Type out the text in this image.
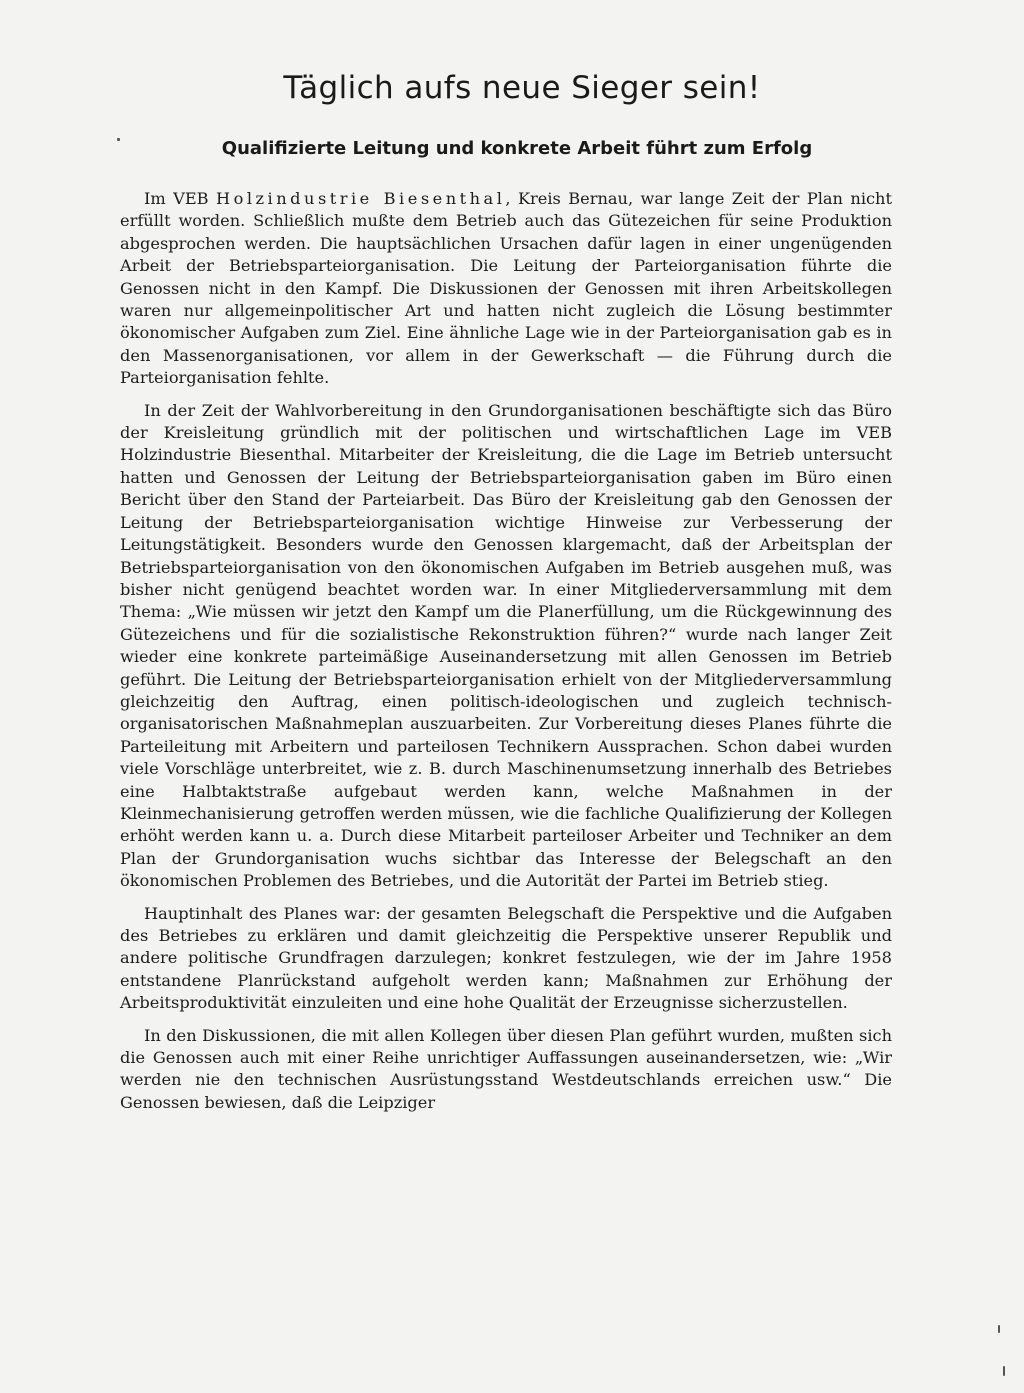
Täglich aufs neue Sieger sein!
Qualifizierte Leitung und konkrete Arbeit führt zum Erfolg

Im VEB Holzindustrie Biesenthal, Kreis Bernau, war lange Zeit der Plan nicht erfüllt worden. Schließlich mußte dem Betrieb auch das Gütezeichen für seine Produktion abgesprochen werden. Die hauptsächlichen Ursachen dafür lagen in einer ungenügenden Arbeit der Betriebsparteiorganisation. Die Leitung der Parteiorganisation führte die Genossen nicht in den Kampf. Die Diskussionen der Genossen mit ihren Arbeitskollegen waren nur allgemeinpolitischer Art und hatten nicht zugleich die Lösung bestimmter ökonomischer Aufgaben zum Ziel. Eine ähnliche Lage wie in der Parteiorganisation gab es in den Massenorganisationen, vor allem in der Gewerkschaft — die Führung durch die Parteiorganisation fehlte.

In der Zeit der Wahlvorbereitung in den Grundorganisationen beschäftigte sich das Büro der Kreisleitung gründlich mit der politischen und wirtschaftlichen Lage im VEB Holzindustrie Biesenthal. Mitarbeiter der Kreisleitung, die die Lage im Betrieb untersucht hatten und Genossen der Leitung der Betriebsparteiorganisation gaben im Büro einen Bericht über den Stand der Parteiarbeit. Das Büro der Kreisleitung gab den Genossen der Leitung der Betriebsparteiorganisation wichtige Hinweise zur Verbesserung der Leitungstätigkeit. Besonders wurde den Genossen klargemacht, daß der Arbeitsplan der Betriebsparteiorganisation von den ökonomischen Aufgaben im Betrieb ausgehen muß, was bisher nicht genügend beachtet worden war. In einer Mitgliederversammlung mit dem Thema: „Wie müssen wir jetzt den Kampf um die Planerfüllung, um die Rückgewinnung des Gütezeichens und für die sozialistische Rekonstruktion führen?“ wurde nach langer Zeit wieder eine konkrete parteimäßige Auseinandersetzung mit allen Genossen im Betrieb geführt. Die Leitung der Betriebsparteiorganisation erhielt von der Mitgliederversammlung gleichzeitig den Auftrag, einen politisch-ideologischen und zugleich technisch-organisatorischen Maßnahmeplan auszuarbeiten. Zur Vorbereitung dieses Planes führte die Parteileitung mit Arbeitern und parteilosen Technikern Aussprachen. Schon dabei wurden viele Vorschläge unterbreitet, wie z. B. durch Maschinenumsetzung innerhalb des Betriebes eine Halbtaktstraße aufgebaut werden kann, welche Maßnahmen in der Kleinmechanisierung getroffen werden müssen, wie die fachliche Qualifizierung der Kollegen erhöht werden kann u. a. Durch diese Mitarbeit parteiloser Arbeiter und Techniker an dem Plan der Grundorganisation wuchs sichtbar das Interesse der Belegschaft an den ökonomischen Problemen des Betriebes, und die Autorität der Partei im Betrieb stieg.

Hauptinhalt des Planes war: der gesamten Belegschaft die Perspektive und die Aufgaben des Betriebes zu erklären und damit gleichzeitig die Perspektive unserer Republik und andere politische Grundfragen darzulegen; konkret festzulegen, wie der im Jahre 1958 entstandene Planrückstand aufgeholt werden kann; Maßnahmen zur Erhöhung der Arbeitsproduktivität einzuleiten und eine hohe Qualität der Erzeugnisse sicherzustellen.

In den Diskussionen, die mit allen Kollegen über diesen Plan geführt wurden, mußten sich die Genossen auch mit einer Reihe unrichtiger Auffassungen auseinandersetzen, wie: „Wir werden nie den technischen Ausrüstungsstand Westdeutschlands erreichen usw.“ Die Genossen bewiesen, daß die Leipziger
